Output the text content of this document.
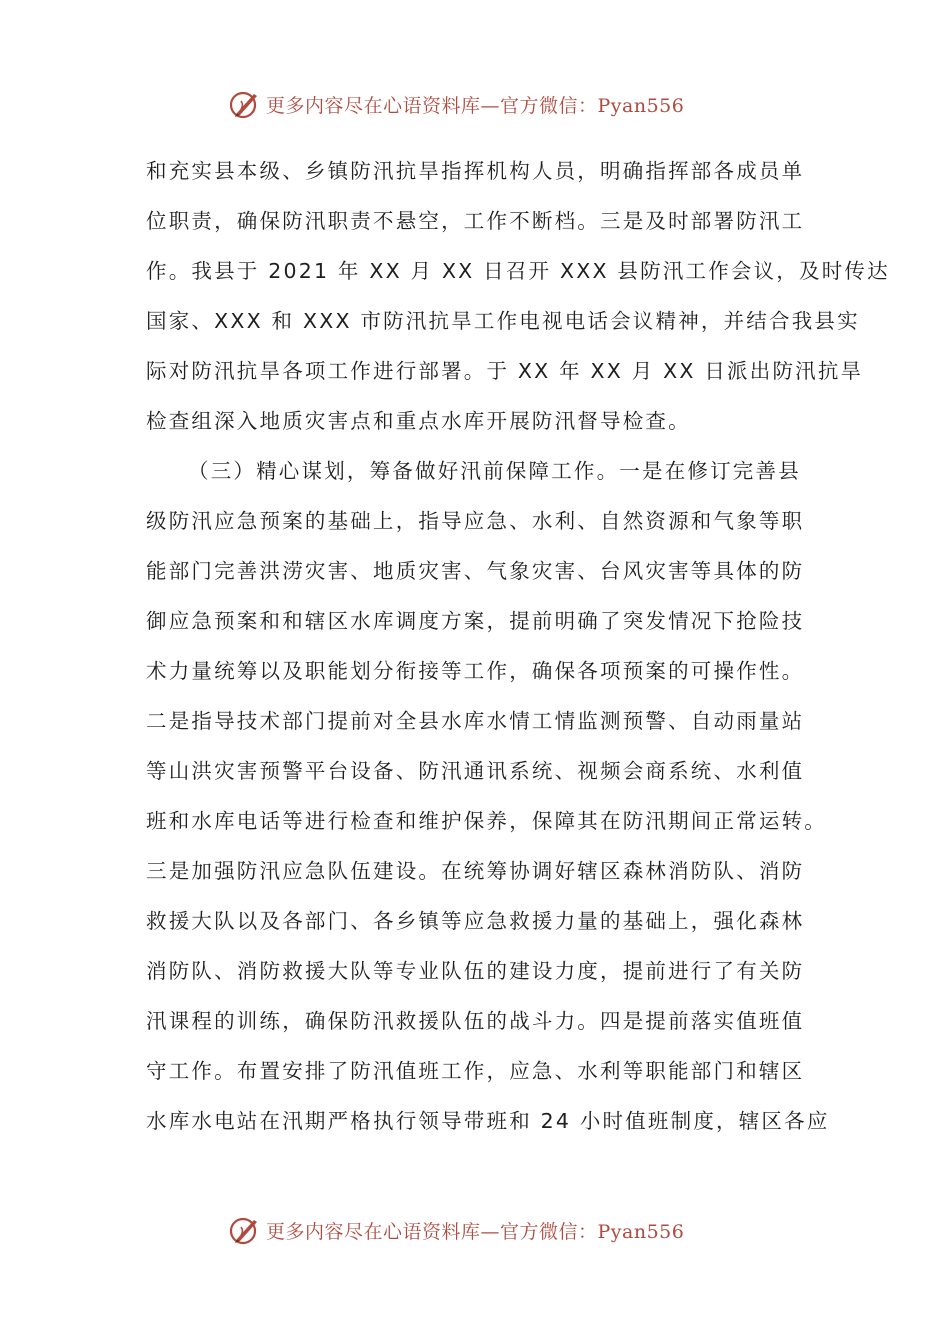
更多内容尽在心语资料库—官方微信：Pyan556
和充实县本级、乡镇防汛抗旱指挥机构人员，明确指挥部各成员单
位职责，确保防汛职责不悬空，工作不断档。三是及时部署防汛工
作。我县于 2021 年 XX 月 XX 日召开 XXX 县防汛工作会议，及时传达
国家、XXX 和 XXX 市防汛抗旱工作电视电话会议精神，并结合我县实
际对防汛抗旱各项工作进行部署。于 XX 年 XX 月 XX 日派出防汛抗旱
检查组深入地质灾害点和重点水库开展防汛督导检查。
（三）精心谋划，筹备做好汛前保障工作。一是在修订完善县
级防汛应急预案的基础上，指导应急、水利、自然资源和气象等职
能部门完善洪涝灾害、地质灾害、气象灾害、台风灾害等具体的防
御应急预案和和辖区水库调度方案，提前明确了突发情况下抢险技
术力量统筹以及职能划分衔接等工作，确保各项预案的可操作性。
二是指导技术部门提前对全县水库水情工情监测预警、自动雨量站
等山洪灾害预警平台设备、防汛通讯系统、视频会商系统、水利值
班和水库电话等进行检查和维护保养，保障其在防汛期间正常运转。
三是加强防汛应急队伍建设。在统筹协调好辖区森林消防队、消防
救援大队以及各部门、各乡镇等应急救援力量的基础上，强化森林
消防队、消防救援大队等专业队伍的建设力度，提前进行了有关防
汛课程的训练，确保防汛救援队伍的战斗力。四是提前落实值班值
守工作。布置安排了防汛值班工作，应急、水利等职能部门和辖区
水库水电站在汛期严格执行领导带班和 24 小时值班制度，辖区各应
更多内容尽在心语资料库—官方微信：Pyan556
